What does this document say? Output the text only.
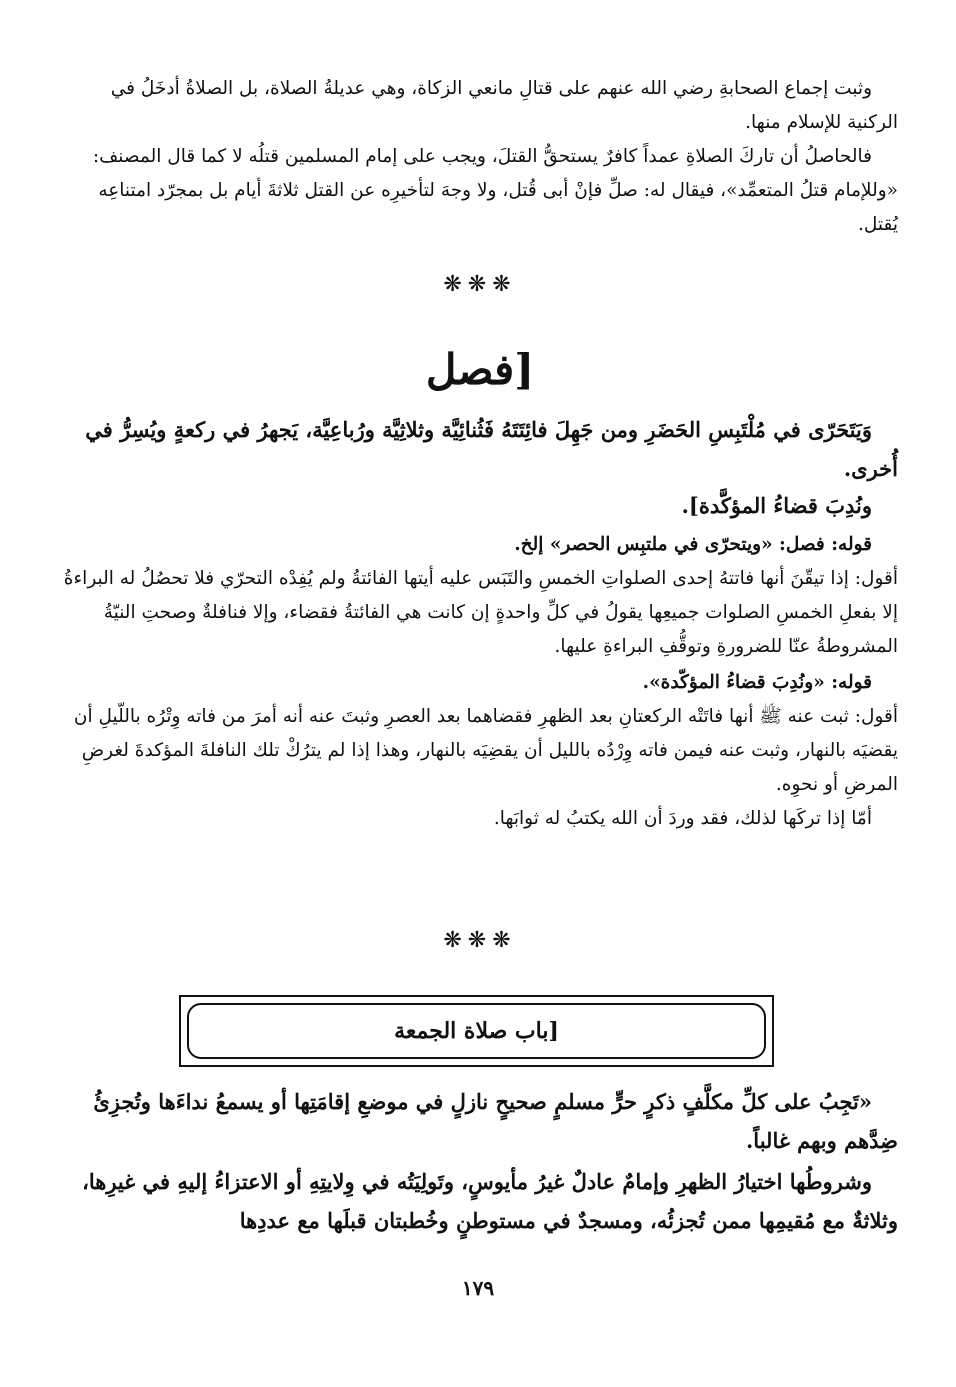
وثبت إجماع الصحابةِ رضي الله عنهم على قتالِ مانعي الزكاة، وهي عديلةُ الصلاة، بل الصلاةُ أدخَلُ في الركنية للإسلام منها.

فالحاصلُ أن تاركَ الصلاةِ عمداً كافرٌ يستحقُّ القتلَ، ويجب على إمام المسلمين قتلُه لا كما قال المصنف: «وللإمام قتلُ المتعمِّد»، فيقال له: صلِّ فإنْ أبى قُتل، ولا وجهَ لتأخيرِه عن القتل ثلاثةَ أيام بل بمجرّد امتناعِه يُقتل.

❋❋❋
[فصل

وَيَتَحَرّى في مُلْتَبِسِ الحَضَرِ ومن جَهِلَ فائِتَتَهُ فَثُنائِيَّة وثلاثِيَّة ورُباعِيَّة، يَجهرُ في ركعةٍ ويُسِرُّ في أُخرى.

ونُدِبَ قضاءُ المؤكَّدة].

قوله: فصل: «ويتحرّى في ملتبِس الحصر» إلخ.

أقول: إذا تيقّنَ أنها فاتتهُ إحدى الصلواتِ الخمسِ والتَبَس عليه أيتها الفائتةُ ولم يُفِدْه التحرّي فلا تحصُلُ له البراءةُ إلا بفعلِ الخمسِ الصلوات جميعِها يقولُ في كلِّ واحدةٍ إن كانت هي الفائتةُ فقضاء، وإلا فنافلةٌ وصحتِ النيّةُ المشروطةُ عنّا للضرورةِ وتوقُّفِ البراءةِ عليها.

قوله: «ونُدِبَ قضاءُ المؤكّدة».

أقول: ثبت عنه ﷺ أنها فاتَتْه الركعتانِ بعد الظهرِ فقضاهما بعد العصرِ وثبتَ عنه أنه أمرَ من فاته وِتْرُه باللّيلِ أن يقضيَه بالنهار، وثبت عنه فيمن فاته وِرْدُه بالليل أن يقضِيَه بالنهار، وهذا إذا لم يترُكْ تلك النافلةَ المؤكدةَ لغرضِ المرضِ أو نحوِه.

أمّا إذا تركَها لذلك، فقد وردَ أن الله يكتبُ له ثوابَها.

❋❋❋
[باب صلاة الجمعة

«تَجِبُ على كلِّ مكلَّفٍ ذكرٍ حرٍّ مسلمٍ صحيحٍ نازلٍ في موضعِ إقامَتِها أو يسمعُ نداءَها وتُجزِئُ ضِدَّهم وبهم غالباً.

وشروطُها اختيارُ الظهرِ وإمامٌ عادلٌ غيرُ مأيوسٍ، وتَولِيَتُه في وِلايتِهِ أو الاعتزاءُ إليهِ في غيرِها، وثلاثةٌ مع مُقيمِها ممن تُجزئُه، ومسجدٌ في مستوطنٍ وخُطبتان قبلَها مع عددِها

١٧٩
